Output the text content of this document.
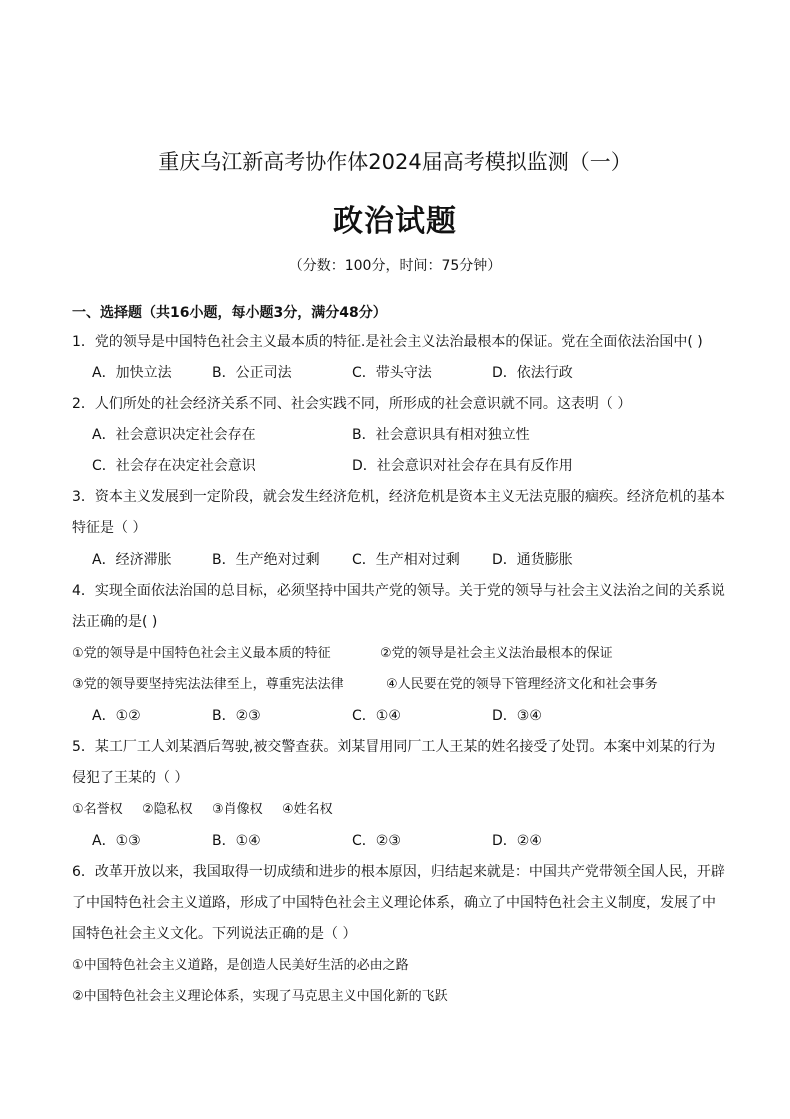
重庆乌江新高考协作体2024届高考模拟监测（一）
政治试题
（分数：100分，时间：75分钟）
一、选择题（共16小题，每小题3分，满分48分）
1．党的领导是中国特色社会主义最本质的特征.是社会主义法治最根本的保证。党在全面依法治国中( )
A．加快立法	B．公正司法	C．带头守法	D．依法行政
2．人们所处的社会经济关系不同、社会实践不同，所形成的社会意识就不同。这表明（ ）
A．社会意识决定社会存在	B．社会意识具有相对独立性
C．社会存在决定社会意识	D．社会意识对社会存在具有反作用
3．资本主义发展到一定阶段，就会发生经济危机，经济危机是资本主义无法克服的痼疾。经济危机的基本
特征是（ ）
A．经济滞胀	B．生产绝对过剩 C．生产相对过剩 D．通货膨胀
4．实现全面依法治国的总目标，必须坚持中国共产党的领导。关于党的领导与社会主义法治之间的关系说
法正确的是( )
①党的领导是中国特色社会主义最本质的特征	②党的领导是社会主义法治最根本的保证
③党的领导要坚持宪法法律至上，尊重宪法法律	④人民要在党的领导下管理经济文化和社会事务
A．①②	B．②③	C．①④	D．③④
5．某工厂工人刘某酒后驾驶,被交警查获。刘某冒用同厂工人王某的姓名接受了处罚。本案中刘某的行为
侵犯了王某的（ ）
①名誉权 ②隐私权 ③肖像权 ④姓名权
A．①③	B．①④	C．②③	D．②④
6．改革开放以来，我国取得一切成绩和进步的根本原因，归结起来就是：中国共产党带领全国人民，开辟
了中国特色社会主义道路，形成了中国特色社会主义理论体系，确立了中国特色社会主义制度，发展了中
国特色社会主义文化。下列说法正确的是（ ）
①中国特色社会主义道路，是创造人民美好生活的必由之路
②中国特色社会主义理论体系，实现了马克思主义中国化新的飞跃
